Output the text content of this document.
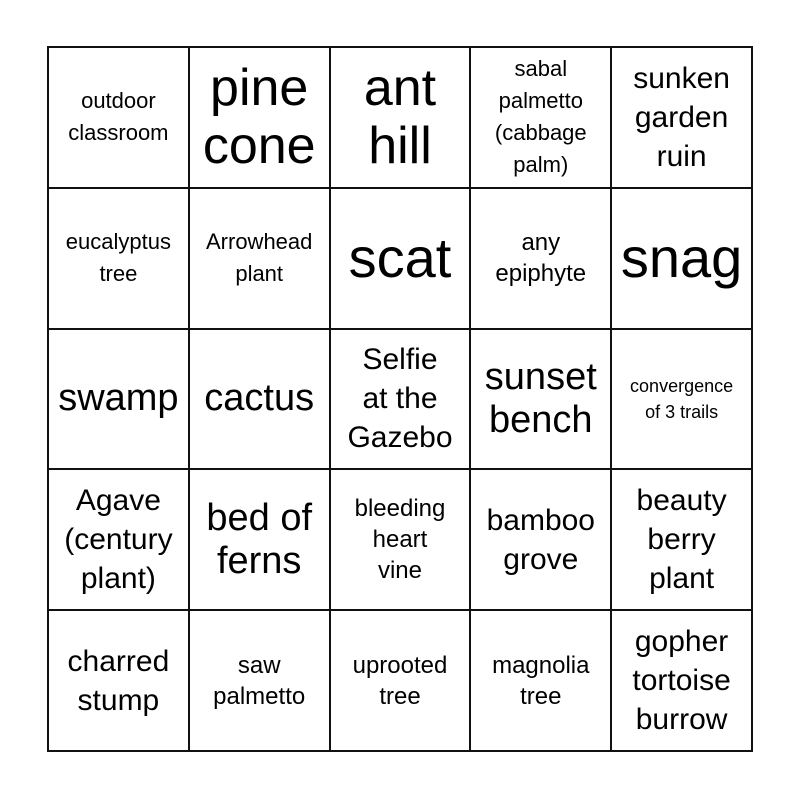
outdoor
classroom
pine
cone
ant
hill
sabal
palmetto
(cabbage
palm)
sunken
garden
ruin
eucalyptus
tree
Arrowhead
plant	scat	any
epiphyte snag
swamp cactus
Selfie
at the
Gazebo
sunset
bench
convergence
of 3 trails
Agave
(century
plant)
bed of
ferns
bleeding
heart
vine
bamboo
grove
beauty
berry
plant
charred
stump
saw
palmetto
uprooted
tree
magnolia
tree
gopher
tortoise
burrow
